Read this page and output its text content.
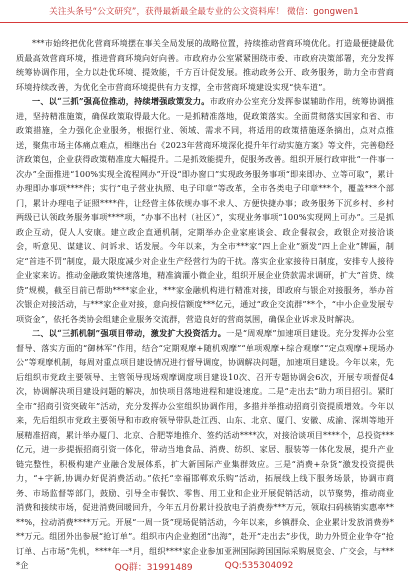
关注头条号“公文研究”，获得最新最全最专业的公文资料库！ 微信：gongwen1

***市始终把优化营商环境摆在事关全局发展的战略位置，持续推动营商环境优化。打造最便捷最优质最高效营商环境，推进营商环境向好向善。市政府办公室紧紧围绕市委、市政府决策部署，充分发挥统筹协调作用，全力以赴优环境、提效能，千方百计促发展。推动政务公开、政务服务，助力全市营商环境持续改善，为优化全市营商环境提供有力支撑，全市营商环境建设实现“快车道”。

一、以“三抓”强高位推动，持续增强政策发力。市政府办公室充分发挥参谋辅助作用，统筹协调推进，坚持精准施策，确保政策取得最大化。一是抓精准落地，促政策落实。全面贯彻落实国家和省、市政策措施，全力强化企业服务，根据行业、领域、需求不同，将适用的政策措施逐条摘出，点对点推送，聚焦市场主体痛点难点，相继出台《2023年营商环境深化提升年行动实施方案》等文件，完善稳经济政策包，企业获得政策精准度大幅提升。二是抓效能提升，促服务改善。组织开展行政审批“一件事一次办”全面推进“100%实现全流程网办”开设“即办窗口”实现政务服务事项“即来即办、立等可取”，累计办理即办事项****件；实行“电子营业执照、电子印章”等改革，全市各类电子印章***个，覆盖***个部门，累计办理电子证照****件，让经营主体依规办事不求人、方便快捷办事；政务服务下沉乡村、乡村两级已认领政务服务事项****项，“办事不出村（社区）”，实现业务事项“100%实现网上可办”。三是抓政企互动，促人人安康。建立政企直通机制，定期举办企业家座谈会、政企餐叙会，政银企对接洽谈会，听意见、谋建议、问诉求、话发展。今年以来，为全市***家“四上企业”颁发“四上企业”牌匾，制定“首违不罚”制度，最大限度减少对企业生产经营行为的干扰。落实企业家接待日制度，安排专人接待企业家来访。推动金融政策快速落地，精准滴灌小微企业，组织开展企业贷款需求调研，扩大“首贷、续贷”规模，截至目前已帮助****家企业，***家金融机构进行精准对接，即政府与银企对接服务，举办首次银企对接活动，与***家企业对接，意向授信额度***亿元，通过“政企交流群”**个，“中小企业发展专项资金”，依托各类协会组建企业服务交流群，营造良好的营商氛围，确保企业诉求及时解决。

二、以“三抓机制”强项目带动，激发扩大投资活力。一是“周观摩”加速项目建设。充分发挥办公室督导、落实方面的“御林军”作用，结合“定期观摩+随机观摩”“单项观摩+综合观摩”“定点观摩+现场办公”等观摩机制，每周对重点项目建设情况进行督导调度，协调解决问题，加速项目建设。今年以来，先后组织市党政主要领导、主管领导现场观摩调度项目建设10次、召开专题协调会6次，开展专项督促4次，协调解决项目建设问题的解决，加快项目落地进程和建设速度。二是“走出去”助力项目招引。紧盯全市“招商引资突破年”活动，充分发挥办公室组织协调作用，多措并举推动招商引资提质增效。今年以来，先后组织市党政主要领导和市政府领导带队赴江西、山东、北京、厦门、安徽、成渝、深圳等地开展精准招商，累计举办厦门、北京、合肥等地推介、签约活动****次，对接洽谈项目****个，总投资***亿元，进一步提振招商引资一体化，带动当地食品、消费、纺织、家居、服装等一体化发展，提升产业链完整性，积极构建产业融合发展体系，扩大新国际产业集群效应。三是“消费+杂货”激发投资提供力，“+字新,协调办好促消费活动。”依托“幸福邯郸欢乐购”活动，拓展线上线下服务场景，协调市商务、市场监督等部门，鼓励、引导全市餐饮、零售、用工业和企业开展促销活动，以节聚势，推动商业消费和接续市场，促进消费回暖回升，今年五月份累计投放电子消费券***万元，领取扫码核销实惠率****%，拉动消费****万元。开展“一周一货”现场促销活动，今年以来，乡镇群众、企业累计发放消费券***万元。组团外出参展“抢订单”。组织市内企业抱团“出海”，赴开“走出去”步伐，助力外贸企业争夺“抢订单、占市场”先机，****年一*月，组织****家企业参加亚洲国际跨国国际采购展览会、广交会，与****企	QQ群：31991489	QQ:535304092
